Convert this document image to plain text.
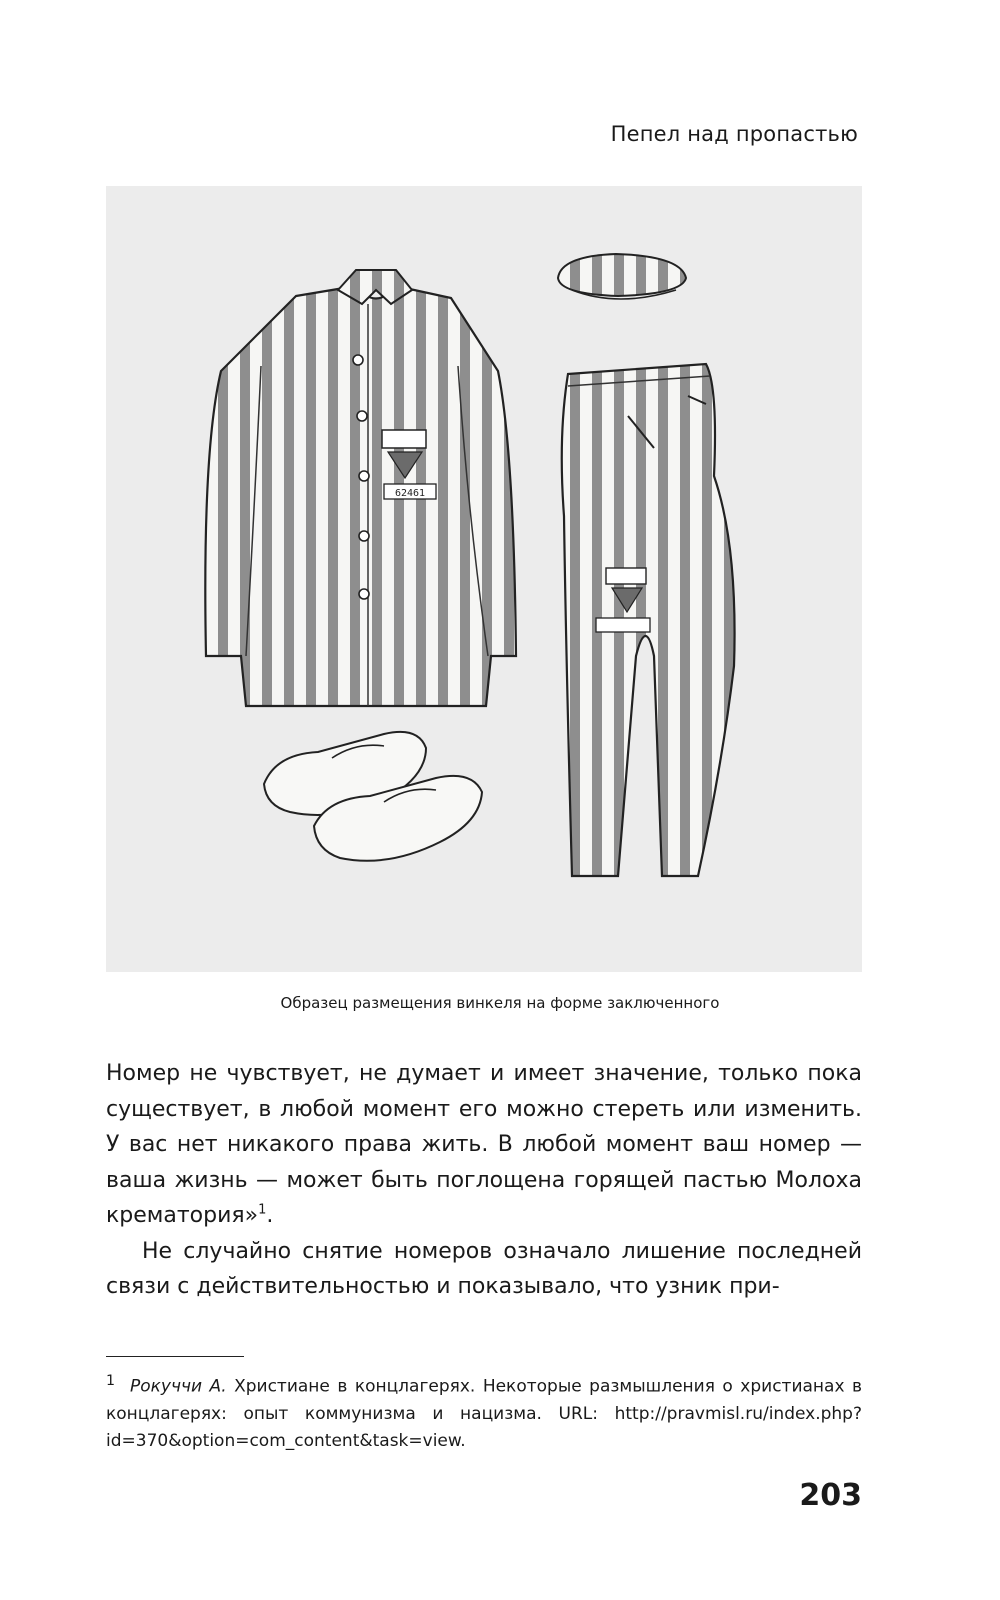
Пепел над пропастью
62461
Образец размещения винкеля на форме заключенного

Номер не чувствует, не думает и имеет значение, только пока существует, в любой момент его можно стереть или изменить. У вас нет никакого права жить. В любой момент ваш номер — ваша жизнь — может быть поглощена горящей пастью Молоха крематория»$^1$.

Не случайно снятие номеров означало лишение последней связи с действительностью и показывало, что узник при-

$^1$ Рокуччи А. Христиане в концлагерях. Некоторые размышления о христианах в концлагерях: опыт коммунизма и нацизма. URL: http://pravmisl.ru/index.php?id=370&option=com_content&task=view.

203
